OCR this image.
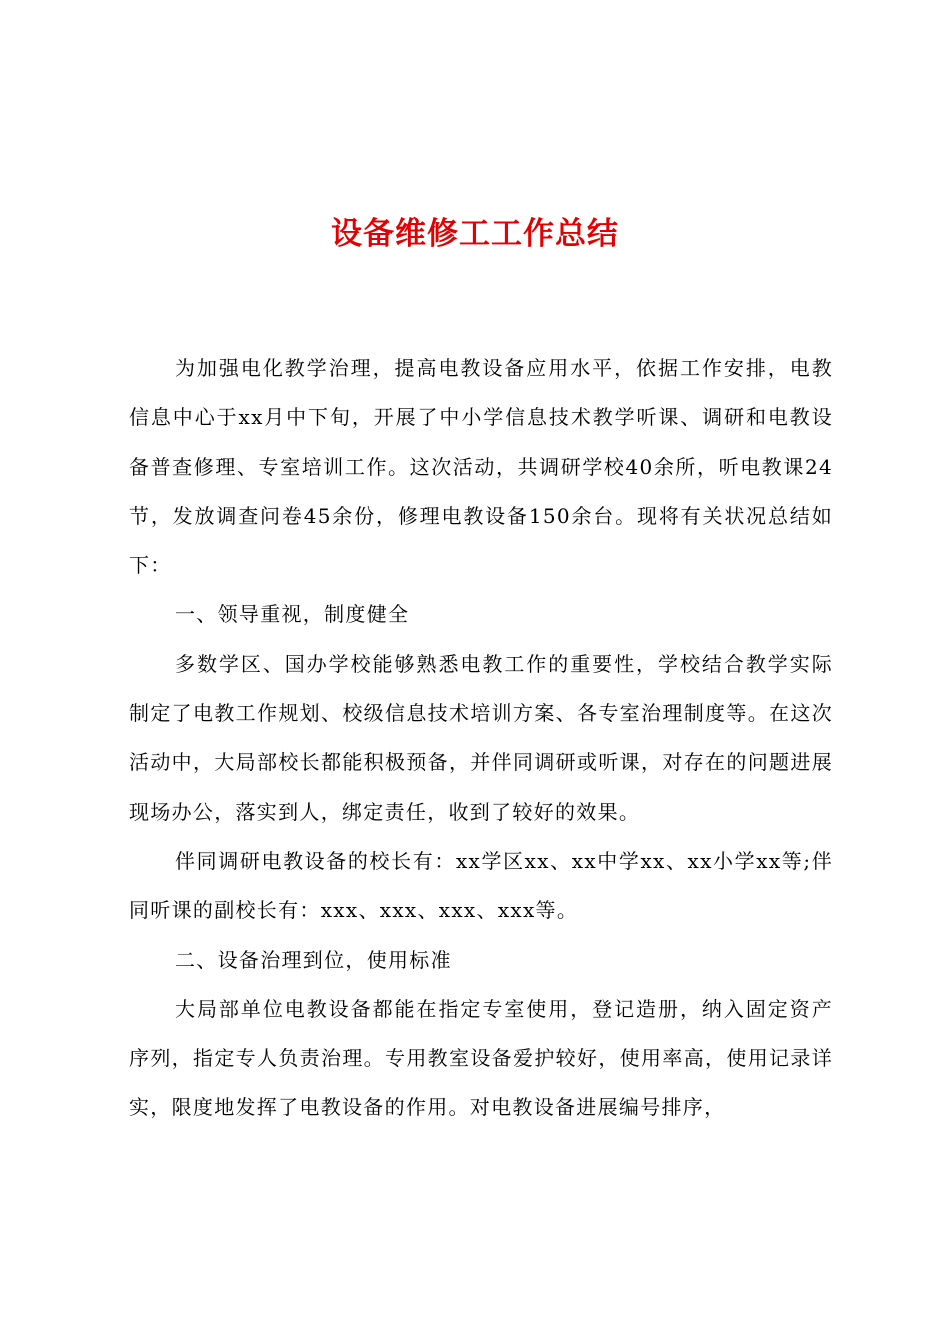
设备维修工工作总结

为加强电化教学治理，提高电教设备应用水平，依据工作安排，电教信息中心于xx月中下旬，开展了中小学信息技术教学听课、调研和电教设备普查修理、专室培训工作。这次活动，共调研学校40余所，听电教课24节，发放调查问卷45余份，修理电教设备150余台。现将有关状况总结如下：

一、领导重视，制度健全

多数学区、国办学校能够熟悉电教工作的重要性，学校结合教学实际制定了电教工作规划、校级信息技术培训方案、各专室治理制度等。在这次活动中，大局部校长都能积极预备，并伴同调研或听课，对存在的问题进展现场办公，落实到人，绑定责任，收到了较好的效果。

伴同调研电教设备的校长有：xx学区xx、xx中学xx、xx小学xx等;伴同听课的副校长有：xxx、xxx、xxx、xxx等。

二、设备治理到位，使用标准

大局部单位电教设备都能在指定专室使用，登记造册，纳入固定资产序列，指定专人负责治理。专用教室设备爱护较好，使用率高，使用记录详实，限度地发挥了电教设备的作用。对电教设备进展编号排序，
